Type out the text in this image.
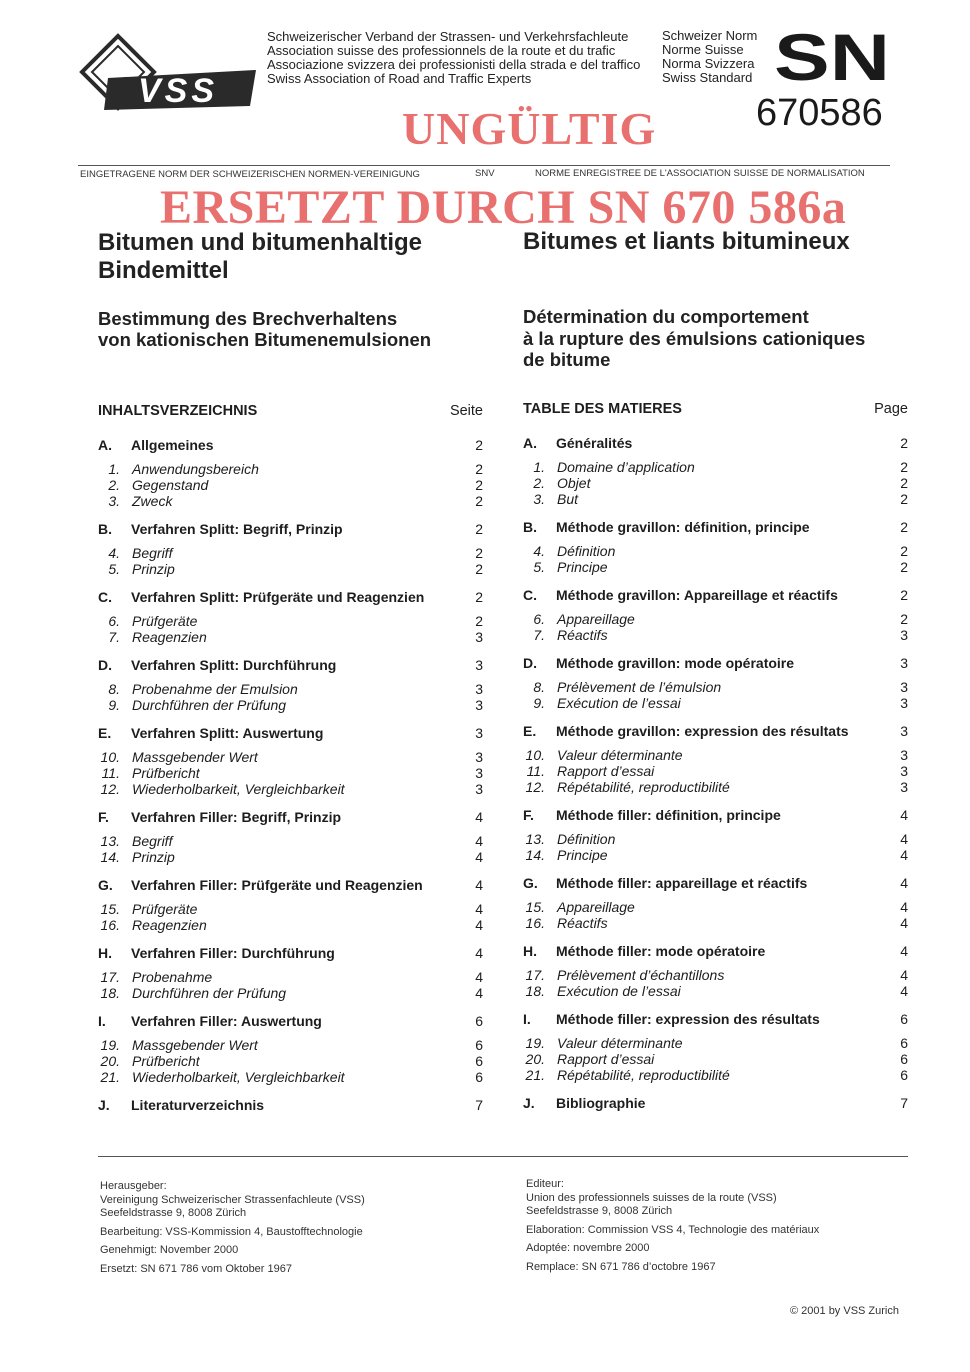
VSS
Schweizerischer Verband der Strassen- und Verkehrsfachleute
Association suisse des professionnels de la route et du trafic
Associazione svizzera dei professionisti della strada e del traffico
Swiss Association of Road and Traffic Experts
Schweizer Norm
Norme Suisse
Norma Svizzera
Swiss Standard SN
670586
UNGÜLTIG
EINGETRAGENE NORM DER SCHWEIZERISCHEN NORMEN-VEREINIGUNG	SNV	NORME ENREGISTREE DE L'ASSOCIATION SUISSE DE NORMALISATION
ERSETZT DURCH SN 670 586a
Bitumen und bitumenhaltige
Bindemittel
Bitumes et liants bitumineux
Bestimmung des Brechverhaltens
von kationischen Bitumenemulsionen
Détermination du comportement
à la rupture des émulsions cationiques
de bitume
INHALTSVERZEICHNIS	Seite
A. Allgemeines	2
1. Anwendungsbereich	2
2. Gegenstand	2
3. Zweck	2
B. Verfahren Splitt: Begriff, Prinzip	2
4. Begriff	2
5. Prinzip	2
C. Verfahren Splitt: Prüfgeräte und Reagenzien	2
6. Prüfgeräte	2
7. Reagenzien	3
D. Verfahren Splitt: Durchführung	3
8. Probenahme der Emulsion	3
9. Durchführen der Prüfung	3
E. Verfahren Splitt: Auswertung	3
10. Massgebender Wert	3
11. Prüfbericht	3
12. Wiederholbarkeit, Vergleichbarkeit	3
F. Verfahren Filler: Begriff, Prinzip	4
13. Begriff	4
14. Prinzip	4
G. Verfahren Filler: Prüfgeräte und Reagenzien	4
15. Prüfgeräte	4
16. Reagenzien	4
H. Verfahren Filler: Durchführung	4
17. Probenahme	4
18. Durchführen der Prüfung	4
I. Verfahren Filler: Auswertung	6
19. Massgebender Wert	6
20. Prüfbericht	6
21. Wiederholbarkeit, Vergleichbarkeit	6
J. Literaturverzeichnis	7
TABLE DES MATIERES	Page
A. Généralités	2
1. Domaine d’application	2
2. Objet	2
3. But	2
B. Méthode gravillon: définition, principe	2
4. Définition	2
5. Principe	2
C. Méthode gravillon: Appareillage et réactifs	2
6. Appareillage	2
7. Réactifs	3
D. Méthode gravillon: mode opératoire	3
8. Prélèvement de l’émulsion	3
9. Exécution de l’essai	3
E. Méthode gravillon: expression des résultats	3
10. Valeur déterminante	3
11. Rapport d’essai	3
12. Répétabilité, reproductibilité	3
F. Méthode filler: définition, principe	4
13. Définition	4
14. Principe	4
G. Méthode filler: appareillage et réactifs	4
15. Appareillage	4
16. Réactifs	4
H. Méthode filler: mode opératoire	4
17. Prélèvement d’échantillons	4
18. Exécution de l’essai	4
I. Méthode filler: expression des résultats	6
19. Valeur déterminante	6
20. Rapport d’essai	6
21. Répétabilité, reproductibilité	6
J. Bibliographie	7
Herausgeber:
Vereinigung Schweizerischer Strassenfachleute (VSS)
Seefeldstrasse 9, 8008 Zürich
Bearbeitung: VSS-Kommission 4, Baustofftechnologie
Genehmigt: November 2000
Ersetzt: SN 671 786 vom Oktober 1967
Editeur:
Union des professionnels suisses de la route (VSS)
Seefeldstrasse 9, 8008 Zürich
Elaboration: Commission VSS 4, Technologie des matériaux
Adoptée: novembre 2000
Remplace: SN 671 786 d’octobre 1967
© 2001 by VSS Zurich
